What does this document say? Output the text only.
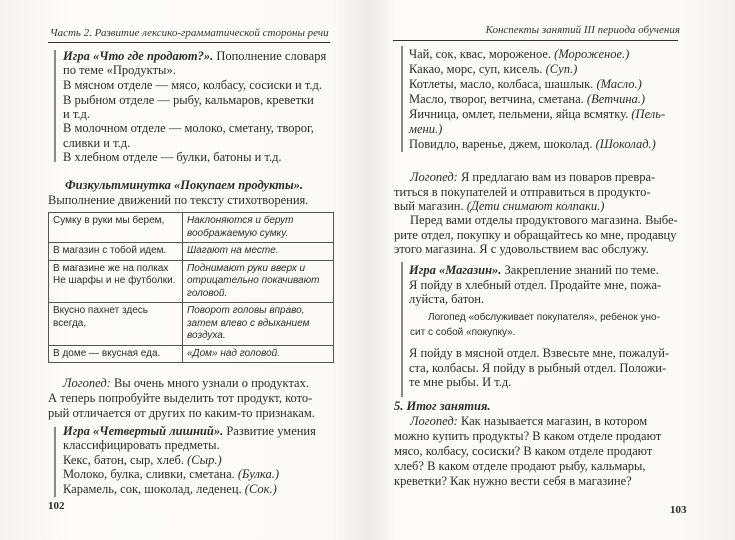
Часть 2. Развитие лексико-грамматической стороны речи
Сумку в руки мы берем,	Наклоняются и берут воображаемую сумку.
В магазин с тобой идем.	Шагают на месте.
В магазине же на полках Не шарфы и не футболки.	Поднимают руки вверх и отрицательно покачивают головой.
Вкусно пахнет здесь всегда,	Поворот головы вправо, затем влево с вдыханием воздуха.
В доме — вкусная еда.	«Дом» над головой.
102
Игра «Что где продают?». Пополнение словаря
по теме «Продукты».
В мясном отделе — мясо, колбасу, сосиски и т.д.
В рыбном отделе — рыбу, кальмаров, креветки
и т.д.
В молочном отделе — молоко, сметану, творог,
сливки и т.д.
В хлебном отделе — булки, батоны и т.д.
Физкультминутка «Покупаем продукты».
Выполнение движений по тексту стихотворения.
Логопед: Вы очень много узнали о продуктах.
А теперь попробуйте выделить тот продукт, кото-
рый отличается от других по каким-то признакам.
Игра «Четвертый лишний». Развитие умения
классифицировать предметы.
Кекс, батон, сыр, хлеб. (Сыр.)
Молоко, булка, сливки, сметана. (Булка.)
Карамель, сок, шоколад, леденец. (Сок.)
Конспекты занятий III периода обучения
Логопед «обслуживает покупателя», ребенок уно-
сит с собой «покупку».
103
Чай, сок, квас, мороженое. (Мороженое.)
Какао, морс, суп, кисель. (Суп.)
Котлеты, масло, колбаса, шашлык. (Масло.)
Масло, творог, ветчина, сметана. (Ветчина.)
Яичница, омлет, пельмени, яйца всмятку. (Пель-
мени.)
Повидло, варенье, джем, шоколад. (Шоколад.)
Логопед: Я предлагаю вам из поваров превра-
титься в покупателей и отправиться в продукто-
вый магазин. (Дети снимают колпаки.)
Перед вами отделы продуктового магазина. Выбе-
рите отдел, покупку и обращайтесь ко мне, продавцу
этого магазина. Я с удовольствием вас обслужу.
Игра «Магазин». Закрепление знаний по теме.
Я пойду в хлебный отдел. Продайте мне, пожа-
луйста, батон.
Я пойду в мясной отдел. Взвесьте мне, пожалуй-
ста, колбасы. Я пойду в рыбный отдел. Положи-
те мне рыбы. И т.д.
5. Итог занятия.
Логопед: Как называется магазин, в котором
можно купить продукты? В каком отделе продают
мясо, колбасу, сосиски? В каком отделе продают
хлеб? В каком отделе продают рыбу, кальмары,
креветки? Как нужно вести себя в магазине?
